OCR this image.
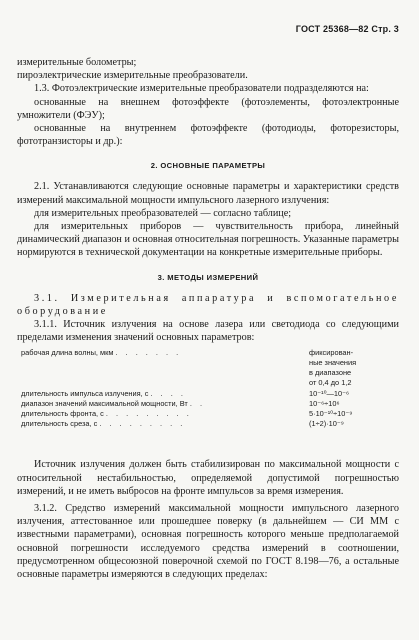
ГОСТ 25368—82 Стр. 3

измерительные болометры;

пироэлектрические измерительные преобразователи.

1.3. Фотоэлектрические измерительные преобразователи подразделяются на:

основанные на внешнем фотоэффекте (фотоэлементы, фотоэлектронные умножители (ФЭУ);

основанные на внутреннем фотоэффекте (фотодиоды, фоторезисторы, фототранзисторы и др.):

2. ОСНОВНЫЕ ПАРАМЕТРЫ

2.1. Устанавливаются следующие основные параметры и характеристики средств измерений максимальной мощности импульсного лазерного излучения:

для измерительных преобразователей — согласно таблице;

для измерительных приборов — чувствительность прибора, линейный динамический диапазон и основная относительная погрешность. Указанные параметры нормируются в технической документации на конкретные измерительные приборы.

3. МЕТОДЫ ИЗМЕРЕНИЙ

3.1. Измерительная аппаратура и вспомогательное оборудование

3.1.1. Источник излучения на основе лазера или светодиода со следующими пределами изменения значений основных параметров:

рабочая длина волны, мкм . . . . . . .	фиксирован-
ные значения
в диапазоне
от 0,4 до 1,2
длительность импульса излучения, с . . . .	10⁻¹⁰—10⁻⁶
диапазон значений максимальной мощности, Вт . .	10⁻⁶÷10⁶
длительность фронта, с . . . . . . . . .	5·10⁻¹⁰÷10⁻⁹
длительность среза, с . . . . . . . . .	(1÷2)·10⁻⁹

Источник излучения должен быть стабилизирован по максимальной мощности с относительной нестабильностью, определяемой допустимой погрешностью измерений, и не иметь выбросов на фронте импульсов за время измерения.

3.1.2. Средство измерений максимальной мощности импульсного лазерного излучения, аттестованное или прошедшее поверку (в дальнейшем — СИ ММ с известными параметрами), основная погрешность которого меньше предполагаемой основной погрешности исследуемого средства измерений в соотношении, предусмотренном общесоюзной поверочной схемой по ГОСТ 8.198—76, а остальные основные параметры измеряются в следующих пределах:
